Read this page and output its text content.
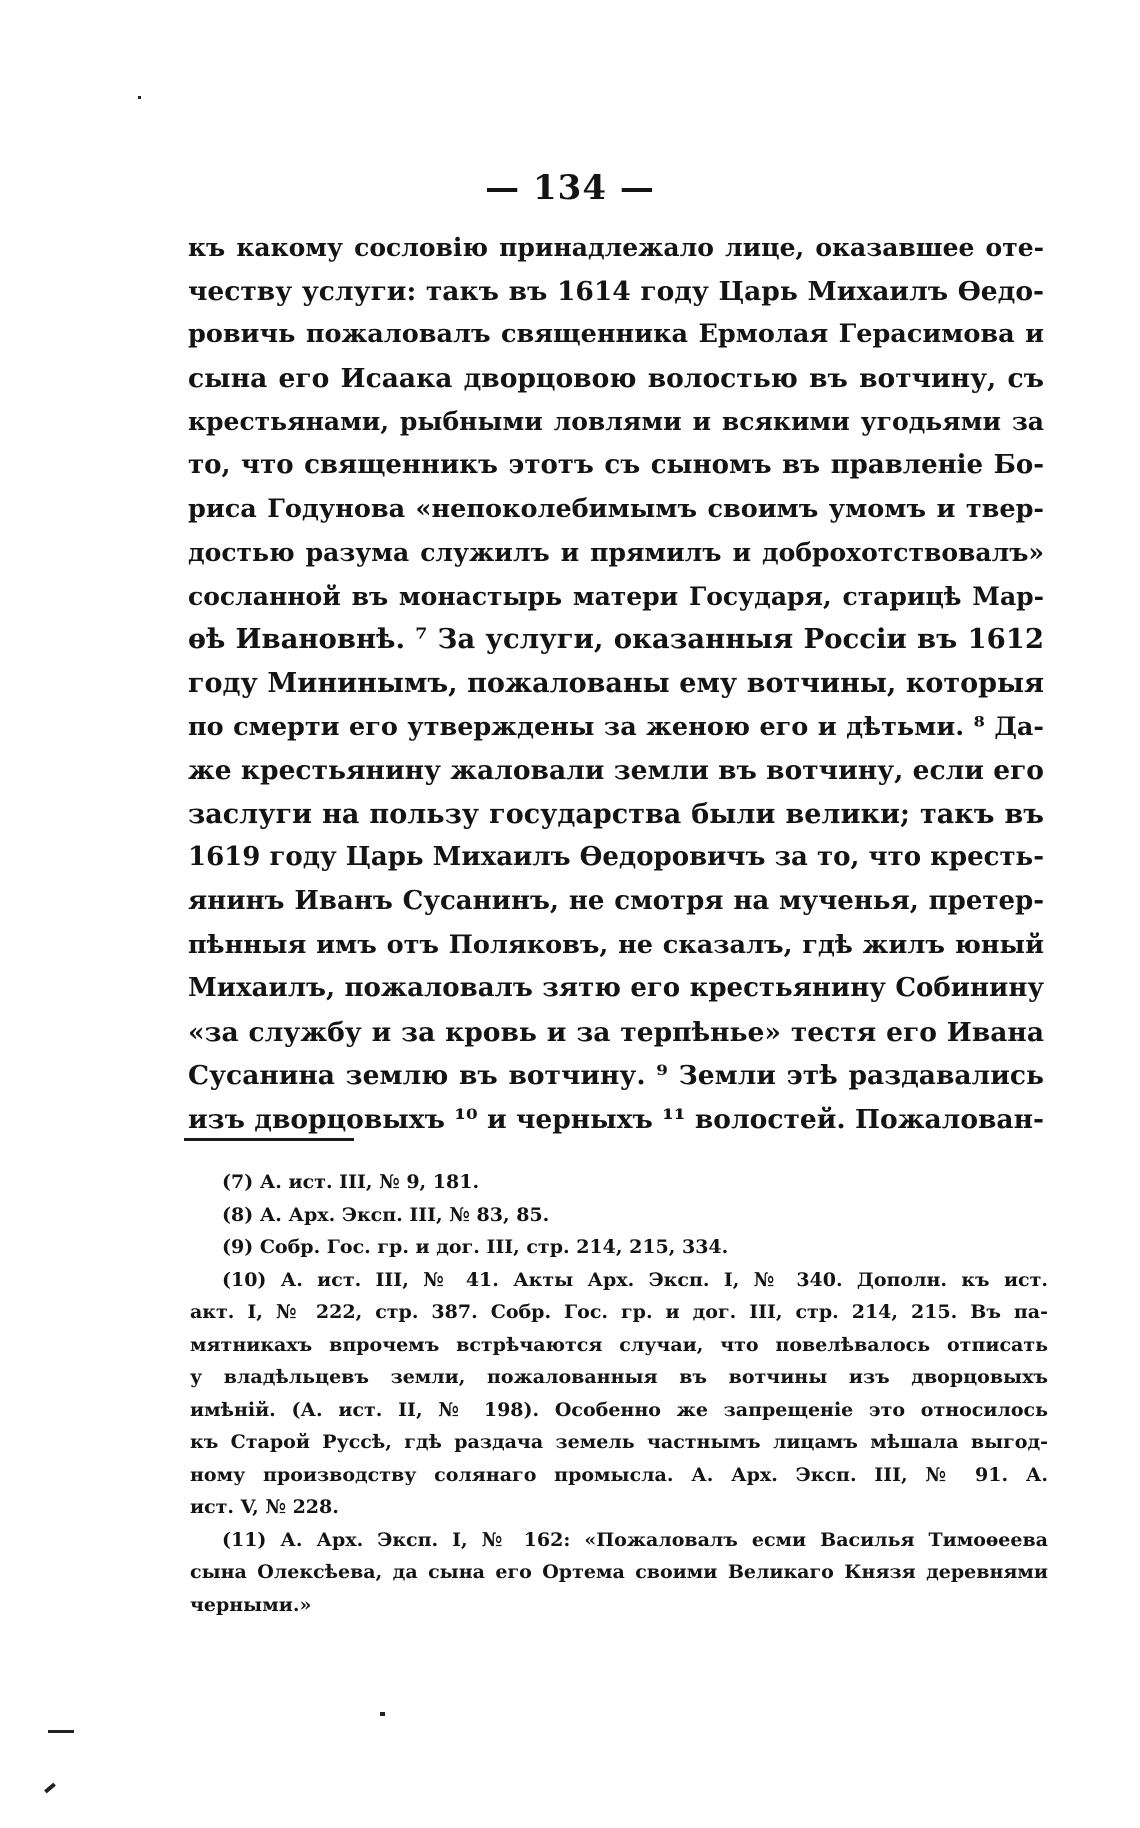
— 134 —
къ какому сословію принадлежало лице, оказавшее оте-
честву услуги: такъ въ 1614 году Царь Михаилъ Ѳедо-
ровичь пожаловалъ священника Ермолая Герасимова и
сына его Исаака дворцовою волостью въ вотчину, съ
крестьянами, рыбными ловлями и всякими угодьями за
то, что священникъ этотъ съ сыномъ въ правленіе Бо-
риса Годунова «непоколебимымъ своимъ умомъ и твер-
достью разума служилъ и прямилъ и доброхотствовалъ»
сосланной въ монастырь матери Государя, старицѣ Мар-
ѳѣ Ивановнѣ. ⁷ За услуги, оказанныя Россіи въ 1612
году Мининымъ, пожалованы ему вотчины, которыя
по смерти его утверждены за женою его и дѣтьми. ⁸ Да-
же крестьянину жаловали земли въ вотчину, если его
заслуги на пользу государства были велики; такъ въ
1619 году Царь Михаилъ Ѳедоровичъ за то, что кресть-
янинъ Иванъ Сусанинъ, не смотря на мученья, претер-
пѣнныя имъ отъ Поляковъ, не сказалъ, гдѣ жилъ юный
Михаилъ, пожаловалъ зятю его крестьянину Собинину
«за службу и за кровь и за терпѣнье» тестя его Ивана
Сусанина землю въ вотчину. ⁹ Земли этѣ раздавались
изъ дворцовыхъ ¹⁰ и черныхъ ¹¹ волостей. Пожалован-
(7) А. ист. III, № 9, 181.
(8) А. Арх. Эксп. III, № 83, 85.
(9) Собр. Гос. гр. и дог. III, стр. 214, 215, 334.
(10) А. ист. III, № 41. Акты Арх. Эксп. I, № 340. Дополн. къ ист.
акт. I, № 222, стр. 387. Собр. Гос. гр. и дог. III, стр. 214, 215. Въ па-
мятникахъ впрочемъ встрѣчаются случаи, что повелѣвалось отписать
у владѣльцевъ земли, пожалованныя въ вотчины изъ дворцовыхъ
имѣній. (А. ист. II, № 198). Особенно же запрещеніе это относилось
къ Старой Руссѣ, гдѣ раздача земель частнымъ лицамъ мѣшала выгод-
ному производству солянаго промысла. А. Арх. Эксп. III, № 91. А.
ист. V, № 228.
(11) А. Арх. Эксп. I, № 162: «Пожаловалъ есми Василья Тимоѳеева
сына Олексѣева, да сына его Ортема своими Великаго Князя деревнями
черными.»
